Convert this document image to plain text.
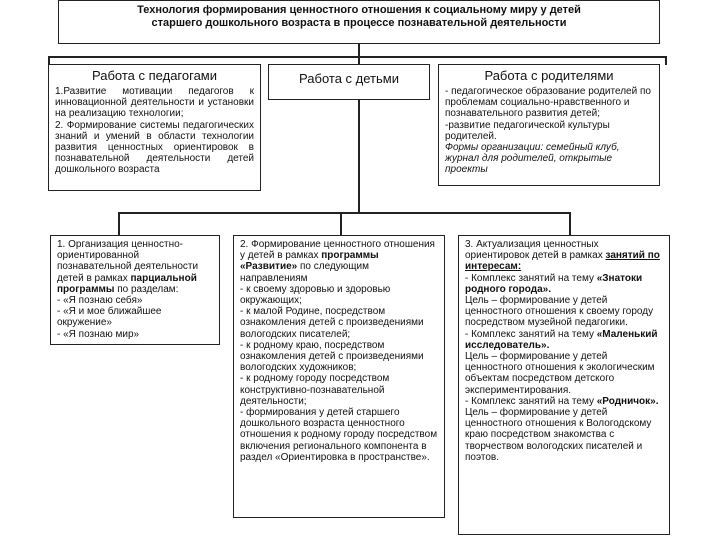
Технология формирования ценностного отношения к социальному миру у детей
старшего дошкольного возраста в процессе познавательной деятельности
Работа с педагогами

1.Развитие мотивации педагогов к инновационной деятельности и установки на реализацию технологии;

2. Формирование системы педагогических знаний и умений в области технологии развития ценностных ориентировок в познавательной деятельности детей дошкольного возраста

Работа с детьми	Работа с родителями

- педагогическое образование родителей по проблемам социально-нравственного и познавательного развития детей;

-развитие педагогической культуры родителей.

Формы организации: семейный клуб, журнал для родителей, открытые проекты

1. Организация ценностно-ориентированной познавательной деятельности детей в рамках парциальной программы по разделам:

- «Я познаю себя»

- «Я и мое ближайшее окружение»

- «Я познаю мир»

2. Формирование ценностного отношения у детей в рамках программы «Развитие» по следующим направлениям

- к своему здоровью и здоровью окружающих;

- к малой Родине, посредством ознакомления детей с произведениями вологодских писателей;

- к родному краю, посредством ознакомления детей с произведениями вологодских художников;

- к родному городу посредством конструктивно-познавательной деятельности;

- формирования у детей старшего дошкольного возраста ценностного отношения к родному городу посредством включения регионального компонента в раздел «Ориентировка в пространстве».

3. Актуализация ценностных ориентировок детей в рамках занятий по интересам:

- Комплекс занятий на тему «Знатоки родного города».

Цель – формирование у детей ценностного отношения к своему городу посредством музейной педагогики.

- Комплекс занятий на тему «Маленький исследователь».

Цель – формирование у детей ценностного отношения к экологическим объектам посредством детского экспериментирования.

- Комплекс занятий на тему «Родничок».

Цель – формирование у детей ценностного отношения к Вологодскому краю посредством знакомства с творчеством вологодских писателей и поэтов.
